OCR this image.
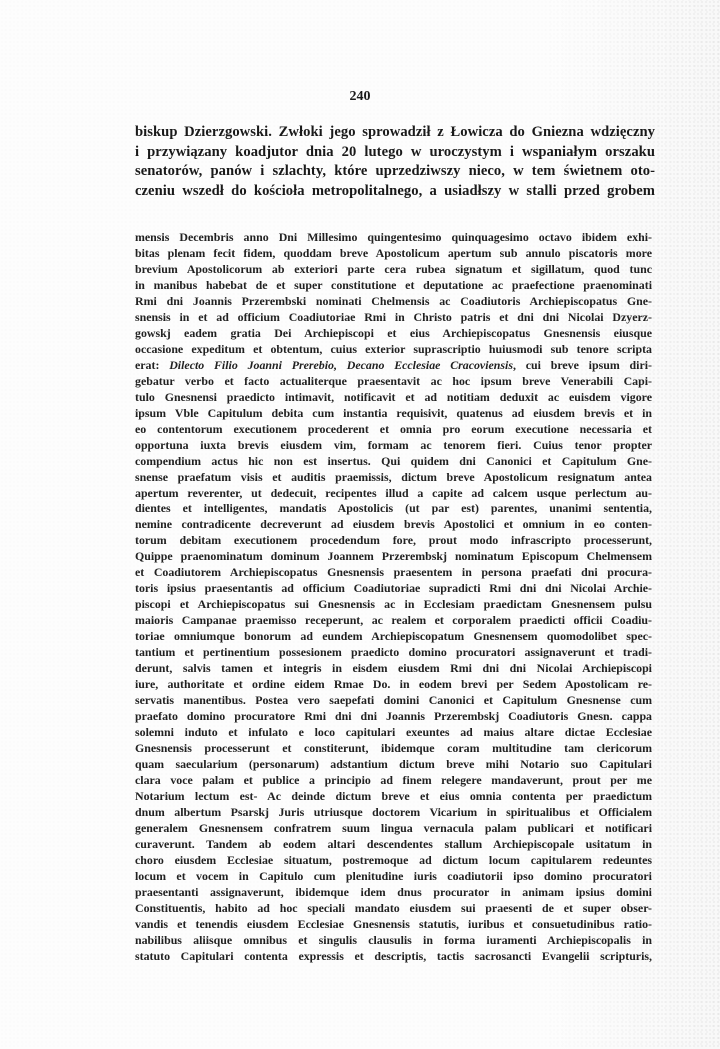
240
biskup Dzierzgowski. Zwłoki jego sprowadził z Łowicza do Gniezna wdzięczny
i przywiązany koadjutor dnia 20 lutego w uroczystym i wspaniałym orszaku
senatorów, panów i szlachty, które uprzedziwszy nieco, w tem świetnem oto-
czeniu wszedł do kościoła metropolitalnego, a usiadłszy w stalli przed grobem
mensis Decembris anno Dni Millesimo quingentesimo quinquagesimo octavo ibidem exhi-
bitas plenam fecit fidem, quoddam breve Apostolicum apertum sub annulo piscatoris more
brevium Apostolicorum ab exteriori parte cera rubea signatum et sigillatum, quod tunc
in manibus habebat de et super constitutione et deputatione ac praefectione praenominati
Rmi dni Joannis Przerembski nominati Chelmensis ac Coadiutoris Archiepiscopatus Gne-
snensis in et ad officium Coadiutoriae Rmi in Christo patris et dni dni Nicolai Dzyerz-
gowskj eadem gratia Dei Archiepiscopi et eius Archiepiscopatus Gnesnensis eiusque
occasione expeditum et obtentum, cuius exterior suprascriptio huiusmodi sub tenore scripta
erat: Dilecto Filio Joanni Prerebio, Decano Ecclesiae Cracoviensis, cui breve ipsum diri-
gebatur verbo et facto actualiterque praesentavit ac hoc ipsum breve Venerabili Capi-
tulo Gnesnensi praedicto intimavit, notificavit et ad notitiam deduxit ac euisdem vigore
ipsum Vble Capitulum debita cum instantia requisivit, quatenus ad eiusdem brevis et in
eo contentorum executionem procederent et omnia pro eorum executione necessaria et
opportuna iuxta brevis eiusdem vim, formam ac tenorem fieri. Cuius tenor propter
compendium actus hic non est insertus. Qui quidem dni Canonici et Capitulum Gne-
snense praefatum visis et auditis praemissis, dictum breve Apostolicum resignatum antea
apertum reverenter, ut dedecuit, recipentes illud a capite ad calcem usque perlectum au-
dientes et intelligentes, mandatis Apostolicis (ut par est) parentes, unanimi sententia,
nemine contradicente decreverunt ad eiusdem brevis Apostolici et omnium in eo conten-
torum debitam executionem procedendum fore, prout modo infrascripto processerunt,
Quippe praenominatum dominum Joannem Przerembskj nominatum Episcopum Chelmensem
et Coadiutorem Archiepiscopatus Gnesnensis praesentem in persona praefati dni procura-
toris ipsius praesentantis ad officium Coadiutoriae supradicti Rmi dni dni Nicolai Archie-
piscopi et Archiepiscopatus sui Gnesnensis ac in Ecclesiam praedictam Gnesnensem pulsu
maioris Campanae praemisso receperunt, ac realem et corporalem praedicti officii Coadiu-
toriae omniumque bonorum ad eundem Archiepiscopatum Gnesnensem quomodolibet spec-
tantium et pertinentium possesionem praedicto domino procuratori assignaverunt et tradi-
derunt, salvis tamen et integris in eisdem eiusdem Rmi dni dni Nicolai Archiepiscopi
iure, authoritate et ordine eidem Rmae Do. in eodem brevi per Sedem Apostolicam re-
servatis manentibus. Postea vero saepefati domini Canonici et Capitulum Gnesnense cum
praefato domino procuratore Rmi dni dni Joannis Przerembskj Coadiutoris Gnesn. cappa
solemni induto et infulato e loco capitulari exeuntes ad maius altare dictae Ecclesiae
Gnesnensis processerunt et constiterunt, ibidemque coram multitudine tam clericorum
quam saecularium (personarum) adstantium dictum breve mihi Notario suo Capitulari
clara voce palam et publice a principio ad finem relegere mandaverunt, prout per me
Notarium lectum est- Ac deinde dictum breve et eius omnia contenta per praedictum
dnum albertum Psarskj Juris utriusque doctorem Vicarium in spiritualibus et Officialem
generalem Gnesnensem confratrem suum lingua vernacula palam publicari et notificari
curaverunt. Tandem ab eodem altari descendentes stallum Archiepiscopale usitatum in
choro eiusdem Ecclesiae situatum, postremoque ad dictum locum capitularem redeuntes
locum et vocem in Capitulo cum plenitudine iuris coadiutorii ipso domino procuratori
praesentanti assignaverunt, ibidemque idem dnus procurator in animam ipsius domini
Constituentis, habito ad hoc speciali mandato eiusdem sui praesenti de et super obser-
vandis et tenendis eiusdem Ecclesiae Gnesnensis statutis, iuribus et consuetudinibus ratio-
nabilibus aliisque omnibus et singulis clausulis in forma iuramenti Archiepiscopalis in
statuto Capitulari contenta expressis et descriptis, tactis sacrosancti Evangelii scripturis,
